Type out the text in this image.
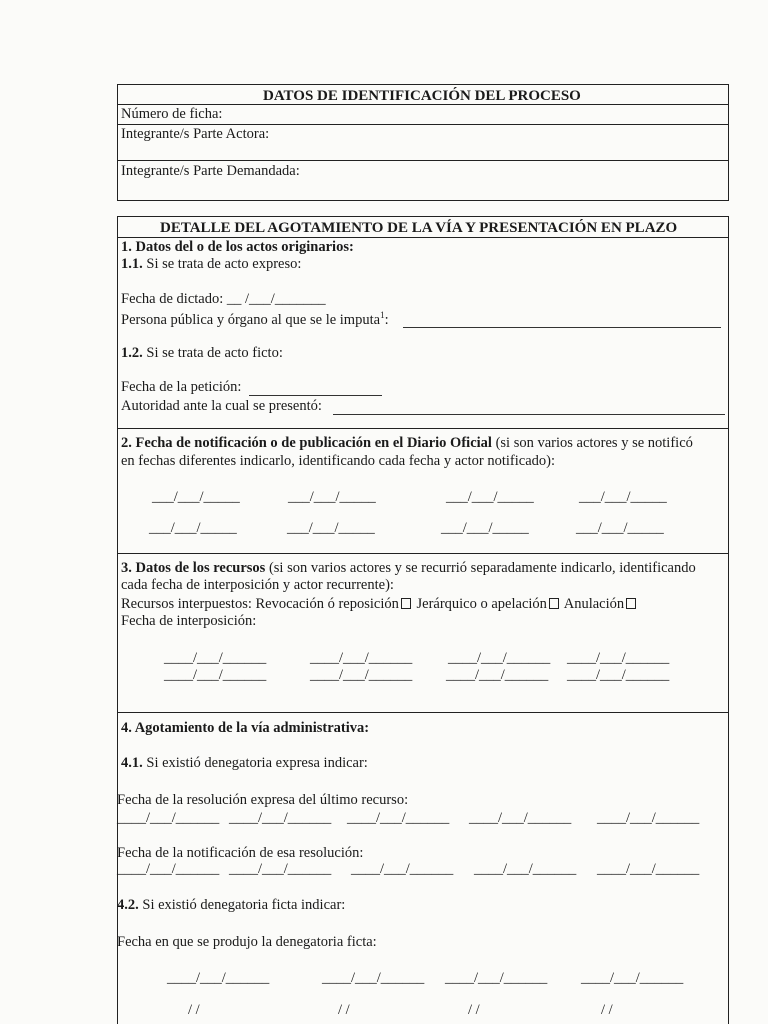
DATOS DE IDENTIFICACIÓN DEL PROCESO
Número de ficha:
Integrante/s Parte Actora:
Integrante/s Parte Demandada:
DETALLE DEL AGOTAMIENTO DE LA VÍA Y PRESENTACIÓN EN PLAZO
1. Datos del o de los actos originarios:
1.1. Si se trata de acto expreso:
Fecha de dictado: __ /___/_______
Persona pública y órgano al que se le imputa$^1$:
1.2. Si se trata de acto ficto:
Fecha de la petición:
Autoridad ante la cual se presentó:
2. Fecha de notificación o de publicación en el Diario Oficial (si son varios actores y se notificó
en fechas diferentes indicarlo, identificando cada fecha y actor notificado):
___/___/_____	___/___/_____	___/___/_____	___/___/_____
___/___/_____	___/___/_____	___/___/_____	___/___/_____
3. Datos de los recursos (si son varios actores y se recurrió separadamente indicarlo, identificando
cada fecha de interposición y actor recurrente):
Recursos interpuestos: Revocación ó reposición Jerárquico o apelación Anulación
Fecha de interposición:
____/___/______	____/___/______ ____/___/______ ____/___/______
____/___/______	____/___/______ ____/___/______ ____/___/______
4. Agotamiento de la vía administrativa:
4.1. Si existió denegatoria expresa indicar:
Fecha de la resolución expresa del último recurso:
____/___/______ ____/___/______ ____/___/______ ____/___/______ ____/___/______
Fecha de la notificación de esa resolución:
____/___/______ ____/___/______ ____/___/______ ____/___/______ ____/___/______
4.2. Si existió denegatoria ficta indicar:
Fecha en que se produjo la denegatoria ficta:
____/___/______	____/___/______ ____/___/______ ____/___/______
/ /	/ /	/ /	/ /
